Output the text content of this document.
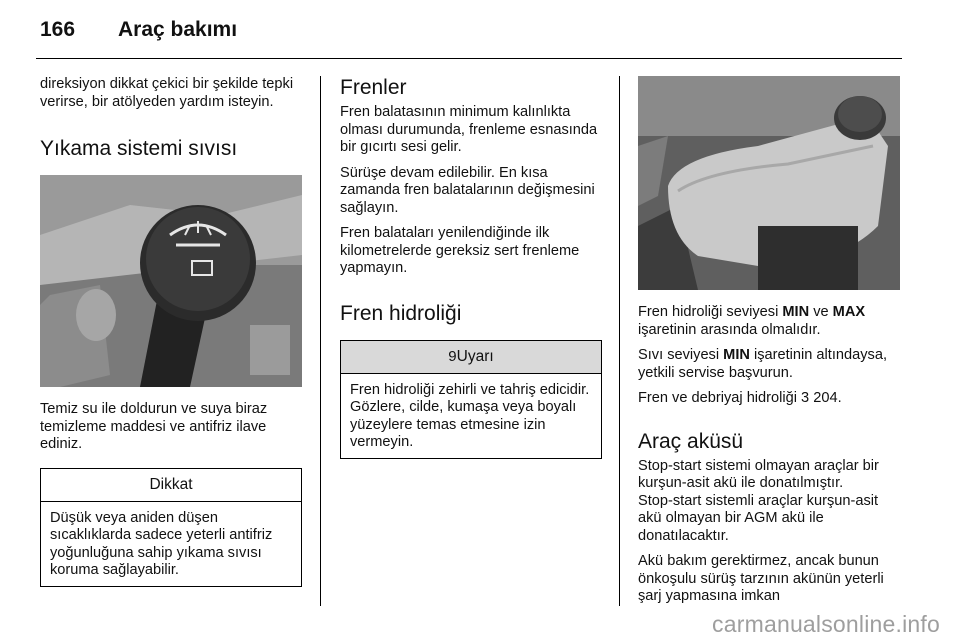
166 Araç bakımı

direksiyon dikkat çekici bir şekilde tepki verirse, bir atölyeden yardım isteyin.

Yıkama sistemi sıvısı

Temiz su ile doldurun ve suya biraz temizleme maddesi ve antifriz ilave ediniz.

Dikkat

Düşük veya aniden düşen sıcaklıklarda sadece yeterli antifriz yoğunluğuna sahip yıkama sıvısı koruma sağlayabilir.

Frenler

Fren balatasının minimum kalınlıkta olması durumunda, frenleme esnasında bir gıcırtı sesi gelir.

Sürüşe devam edilebilir. En kısa zamanda fren balatalarının değişmesini sağlayın.

Fren balataları yenilendiğinde ilk kilometrelerde gereksiz sert frenleme yapmayın.

Fren hidroliği
9Uyarı

Fren hidroliği zehirli ve tahriş edicidir. Gözlere, cilde, kumaşa veya boyalı yüzeylere temas etmesine izin vermeyin.

Fren hidroliği seviyesi MIN ve MAX işaretinin arasında olmalıdır.

Sıvı seviyesi MIN işaretinin altındaysa, yetkili servise başvurun.

Fren ve debriyaj hidroliği 3 204.

Araç aküsü

Stop-start sistemi olmayan araçlar bir kurşun-asit akü ile donatılmıştır.

Stop-start sistemli araçlar kurşun-asit akü olmayan bir AGM akü ile donatılacaktır.

Akü bakım gerektirmez, ancak bunun önkoşulu sürüş tarzının akünün yeterli şarj yapmasına imkan

carmanualsonline.info
